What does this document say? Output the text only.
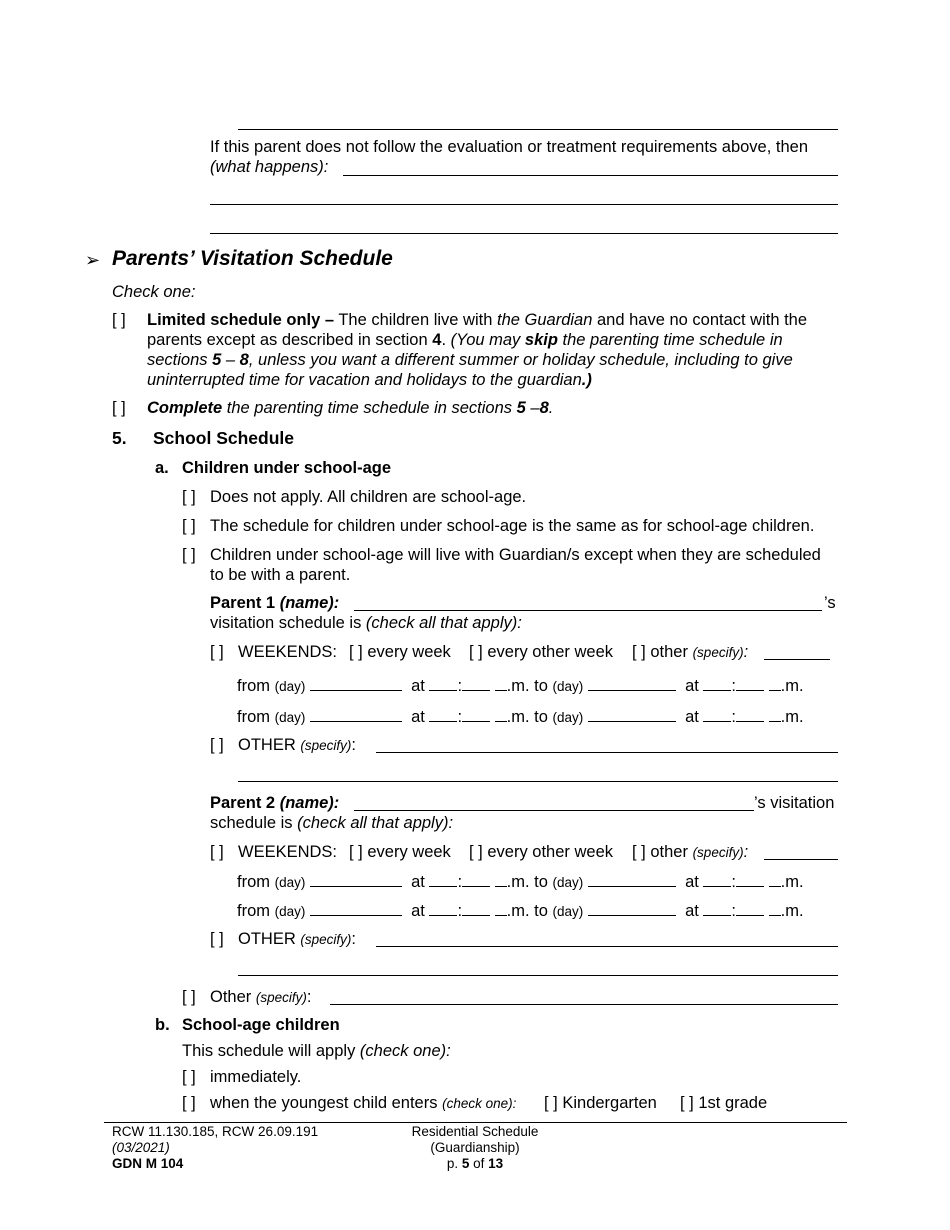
If this parent does not follow the evaluation or treatment requirements above, then
(what happens):
➢ Parents’ Visitation Schedule
Check one:
[ ] Limited schedule only – The children live with the Guardian and have no contact with the parents except as described in section 4. (You may skip the parenting time schedule in sections 5 – 8, unless you want a different summer or holiday schedule, including to give uninterrupted time for vacation and holidays to the guardian.)
[ ] Complete the parenting time schedule in sections 5 –8.
5. School Schedule
a. Children under school-age
[ ] Does not apply. All children are school-age.
[ ] The schedule for children under school-age is the same as for school-age children.
[ ] Children under school-age will live with Guardian/s except when they are scheduled
to be with a parent.
Parent 1 (name):	’s
visitation schedule is (check all that apply):
[ ] WEEKENDS: [ ] every week [ ] every other week [ ] other (specify):
from (day)	at :	.m. to (day)	at :	.m.
from (day)	at :	.m. to (day)	at :	.m.
[ ] OTHER (specify):
Parent 2 (name):	’s visitation
schedule is (check all that apply):
[ ] WEEKENDS: [ ] every week [ ] every other week [ ] other (specify):
from (day)	at :	.m. to (day)	at :	.m.
from (day)	at :	.m. to (day)	at :	.m.
[ ] OTHER (specify):
[ ] Other (specify):
b. School-age children
This schedule will apply (check one):
[ ] immediately.
[ ] when the youngest child enters (check one): [ ] Kindergarten [ ] 1st grade
RCW 11.130.185, RCW 26.09.191
(03/2021)
GDN M 104
Residential Schedule
(Guardianship)
p. 5 of 13
